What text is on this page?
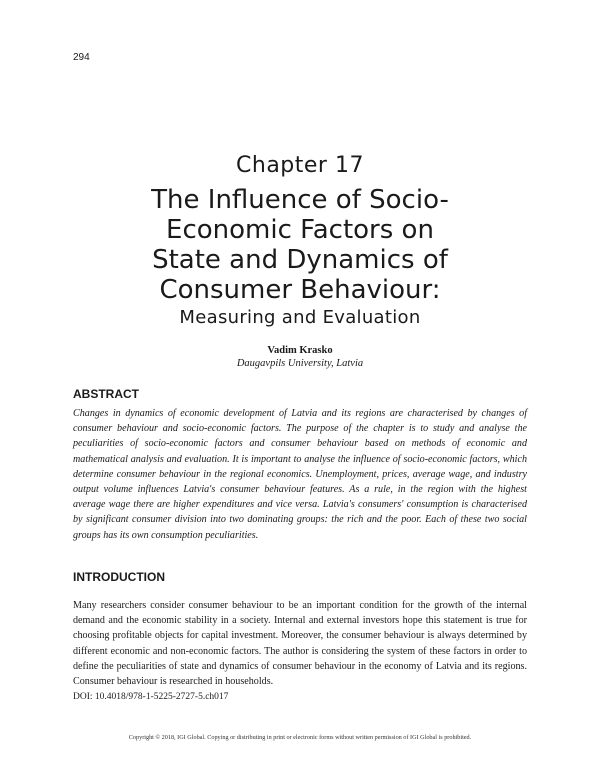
294
Chapter 17
The Influence of Socio-
Economic Factors on
State and Dynamics of
Consumer Behaviour:
Measuring and Evaluation
Vadim Krasko
Daugavpils University, Latvia
ABSTRACT
Changes in dynamics of economic development of Latvia and its regions are characterised by changes of consumer behaviour and socio-economic factors. The purpose of the chapter is to study and analyse the peculiarities of socio-economic factors and consumer behaviour based on methods of economic and mathematical analysis and evaluation. It is important to analyse the influence of socio-economic factors, which determine consumer behaviour in the regional economics. Unemployment, prices, average wage, and industry output volume influences Latvia's consumer behaviour features. As a rule, in the region with the highest average wage there are higher expenditures and vice versa. Latvia's consumers' consumption is characterised by significant consumer division into two dominating groups: the rich and the poor. Each of these two social groups has its own consumption peculiarities.
INTRODUCTION
Many researchers consider consumer behaviour to be an important condition for the growth of the internal demand and the economic stability in a society. Internal and external investors hope this statement is true for choosing profitable objects for capital investment. Moreover, the consumer behaviour is always determined by different economic and non-economic factors. The author is considering the system of these factors in order to define the peculiarities of state and dynamics of consumer behaviour in the economy of Latvia and its regions. Consumer behaviour is researched in households.
DOI: 10.4018/978-1-5225-2727-5.ch017
Copyright © 2018, IGI Global. Copying or distributing in print or electronic forms without written permission of IGI Global is prohibited.
